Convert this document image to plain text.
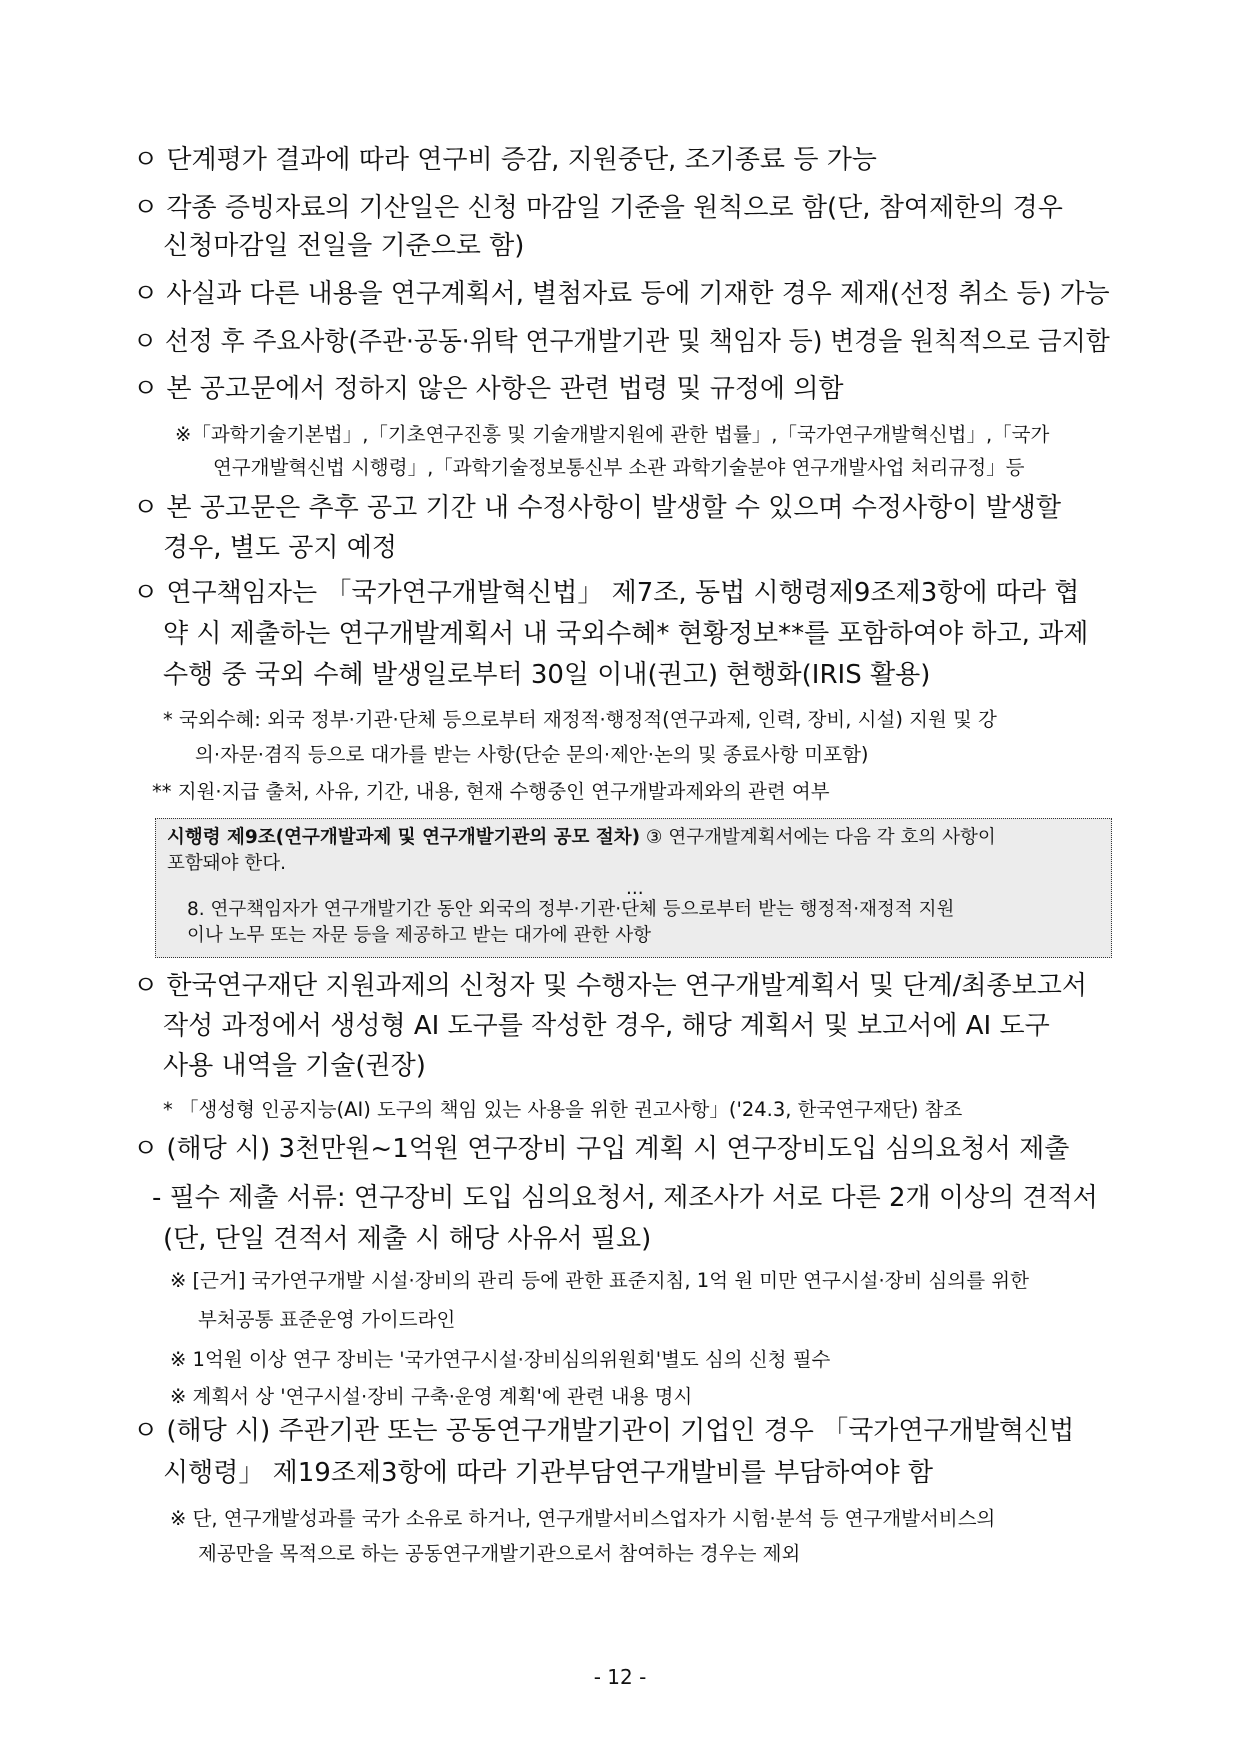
ㅇ 단계평가 결과에 따라 연구비 증감, 지원중단, 조기종료 등 가능
ㅇ 각종 증빙자료의 기산일은 신청 마감일 기준을 원칙으로 함(단, 참여제한의 경우
신청마감일 전일을 기준으로 함)
ㅇ 사실과 다른 내용을 연구계획서, 별첨자료 등에 기재한 경우 제재(선정 취소 등) 가능
ㅇ 선정 후 주요사항(주관·공동·위탁 연구개발기관 및 책임자 등) 변경을 원칙적으로 금지함
ㅇ 본 공고문에서 정하지 않은 사항은 관련 법령 및 규정에 의함
※「과학기술기본법」,「기초연구진흥 및 기술개발지원에 관한 법률」,「국가연구개발혁신법」,「국가
연구개발혁신법 시행령」,「과학기술정보통신부 소관 과학기술분야 연구개발사업 처리규정」등
ㅇ 본 공고문은 추후 공고 기간 내 수정사항이 발생할 수 있으며 수정사항이 발생할
경우, 별도 공지 예정
ㅇ 연구책임자는 「국가연구개발혁신법」 제7조, 동법 시행령제9조제3항에 따라 협
약 시 제출하는 연구개발계획서 내 국외수혜* 현황정보**를 포함하여야 하고, 과제
수행 중 국외 수혜 발생일로부터 30일 이내(권고) 현행화(IRIS 활용)
* 국외수혜: 외국 정부·기관·단체 등으로부터 재정적·행정적(연구과제, 인력, 장비, 시설) 지원 및 강
의·자문·겸직 등으로 대가를 받는 사항(단순 문의·제안·논의 및 종료사항 미포함)
** 지원·지급 출처, 사유, 기간, 내용, 현재 수행중인 연구개발과제와의 관련 여부
시행령 제9조(연구개발과제 및 연구개발기관의 공모 절차) ③ 연구개발계획서에는 다음 각 호의 사항이
포함돼야 한다.
...
8. 연구책임자가 연구개발기간 동안 외국의 정부·기관·단체 등으로부터 받는 행정적·재정적 지원
이나 노무 또는 자문 등을 제공하고 받는 대가에 관한 사항
ㅇ 한국연구재단 지원과제의 신청자 및 수행자는 연구개발계획서 및 단계/최종보고서
작성 과정에서 생성형 AI 도구를 작성한 경우, 해당 계획서 및 보고서에 AI 도구
사용 내역을 기술(권장)
* 「생성형 인공지능(AI) 도구의 책임 있는 사용을 위한 권고사항」('24.3, 한국연구재단) 참조
ㅇ (해당 시) 3천만원~1억원 연구장비 구입 계획 시 연구장비도입 심의요청서 제출
- 필수 제출 서류: 연구장비 도입 심의요청서, 제조사가 서로 다른 2개 이상의 견적서
(단, 단일 견적서 제출 시 해당 사유서 필요)
※ [근거] 국가연구개발 시설·장비의 관리 등에 관한 표준지침, 1억 원 미만 연구시설·장비 심의를 위한
부처공통 표준운영 가이드라인
※ 1억원 이상 연구 장비는 '국가연구시설·장비심의위원회'별도 심의 신청 필수
※ 계획서 상 '연구시설·장비 구축·운영 계획'에 관련 내용 명시
ㅇ (해당 시) 주관기관 또는 공동연구개발기관이 기업인 경우 「국가연구개발혁신법
시행령」 제19조제3항에 따라 기관부담연구개발비를 부담하여야 함
※ 단, 연구개발성과를 국가 소유로 하거나, 연구개발서비스업자가 시험·분석 등 연구개발서비스의
제공만을 목적으로 하는 공동연구개발기관으로서 참여하는 경우는 제외
- 12 -
